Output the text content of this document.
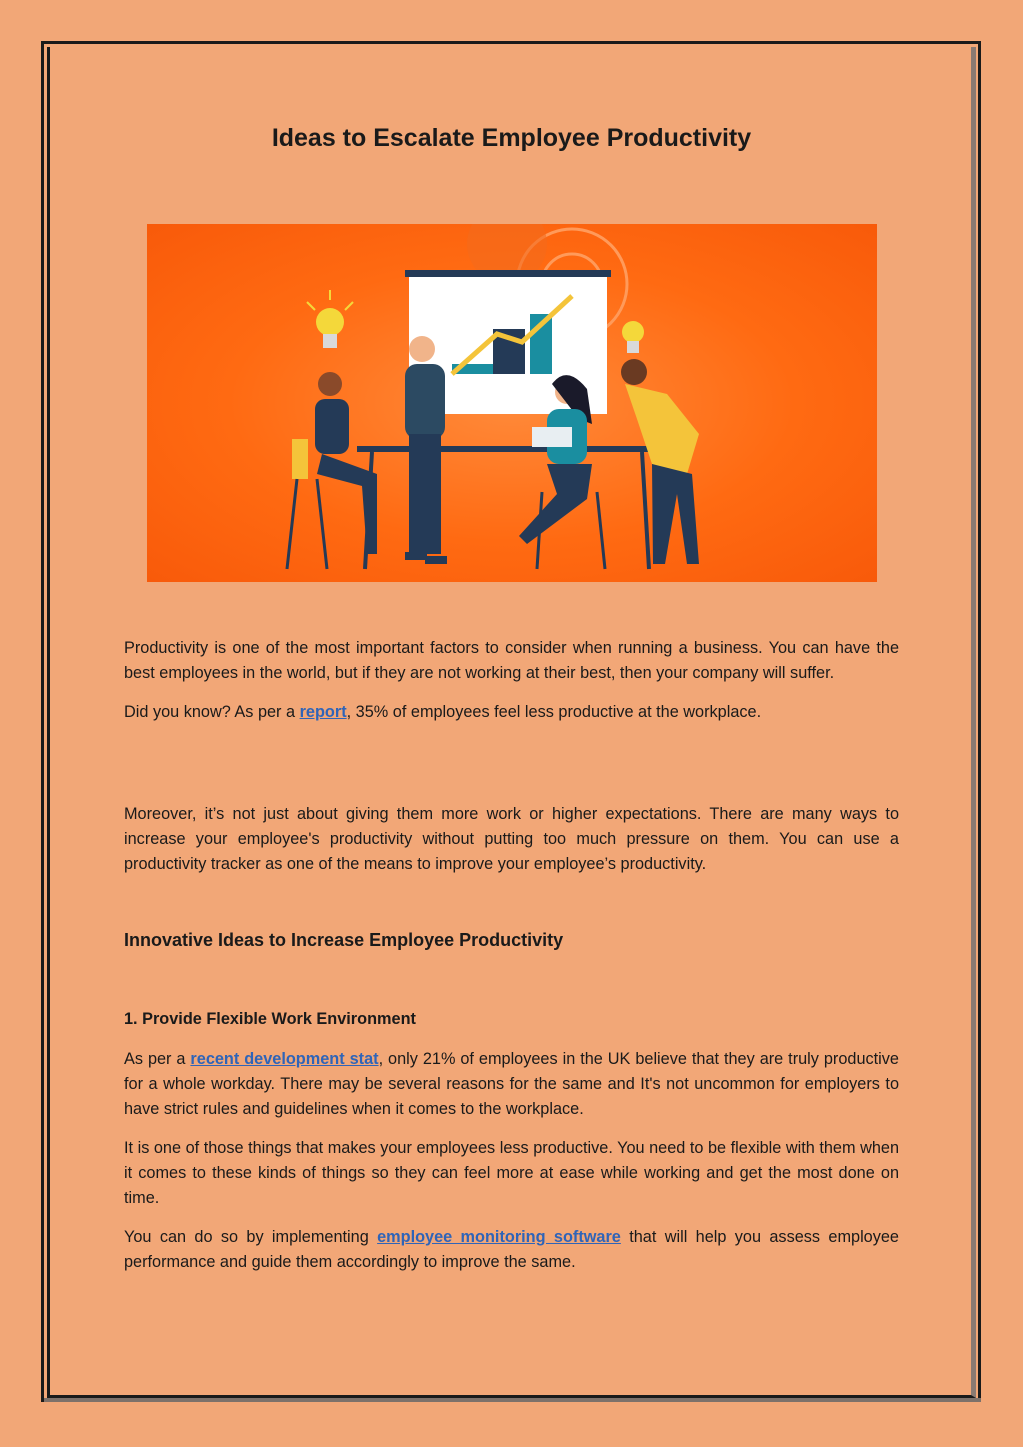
Ideas to Escalate Employee Productivity

Productivity is one of the most important factors to consider when running a business. You can have the best employees in the world, but if they are not working at their best, then your company will suffer.

Did you know? As per a report, 35% of employees feel less productive at the workplace.

Moreover, it’s not just about giving them more work or higher expectations. There are many ways to increase your employee's productivity without putting too much pressure on them. You can use a productivity tracker as one of the means to improve your employee’s productivity.

Innovative Ideas to Increase Employee Productivity
1. Provide Flexible Work Environment

As per a recent development stat, only 21% of employees in the UK believe that they are truly productive for a whole workday. There may be several reasons for the same and It's not uncommon for employers to have strict rules and guidelines when it comes to the workplace.

It is one of those things that makes your employees less productive. You need to be flexible with them when it comes to these kinds of things so they can feel more at ease while working and get the most done on time.

You can do so by implementing employee monitoring software that will help you assess employee performance and guide them accordingly to improve the same.
